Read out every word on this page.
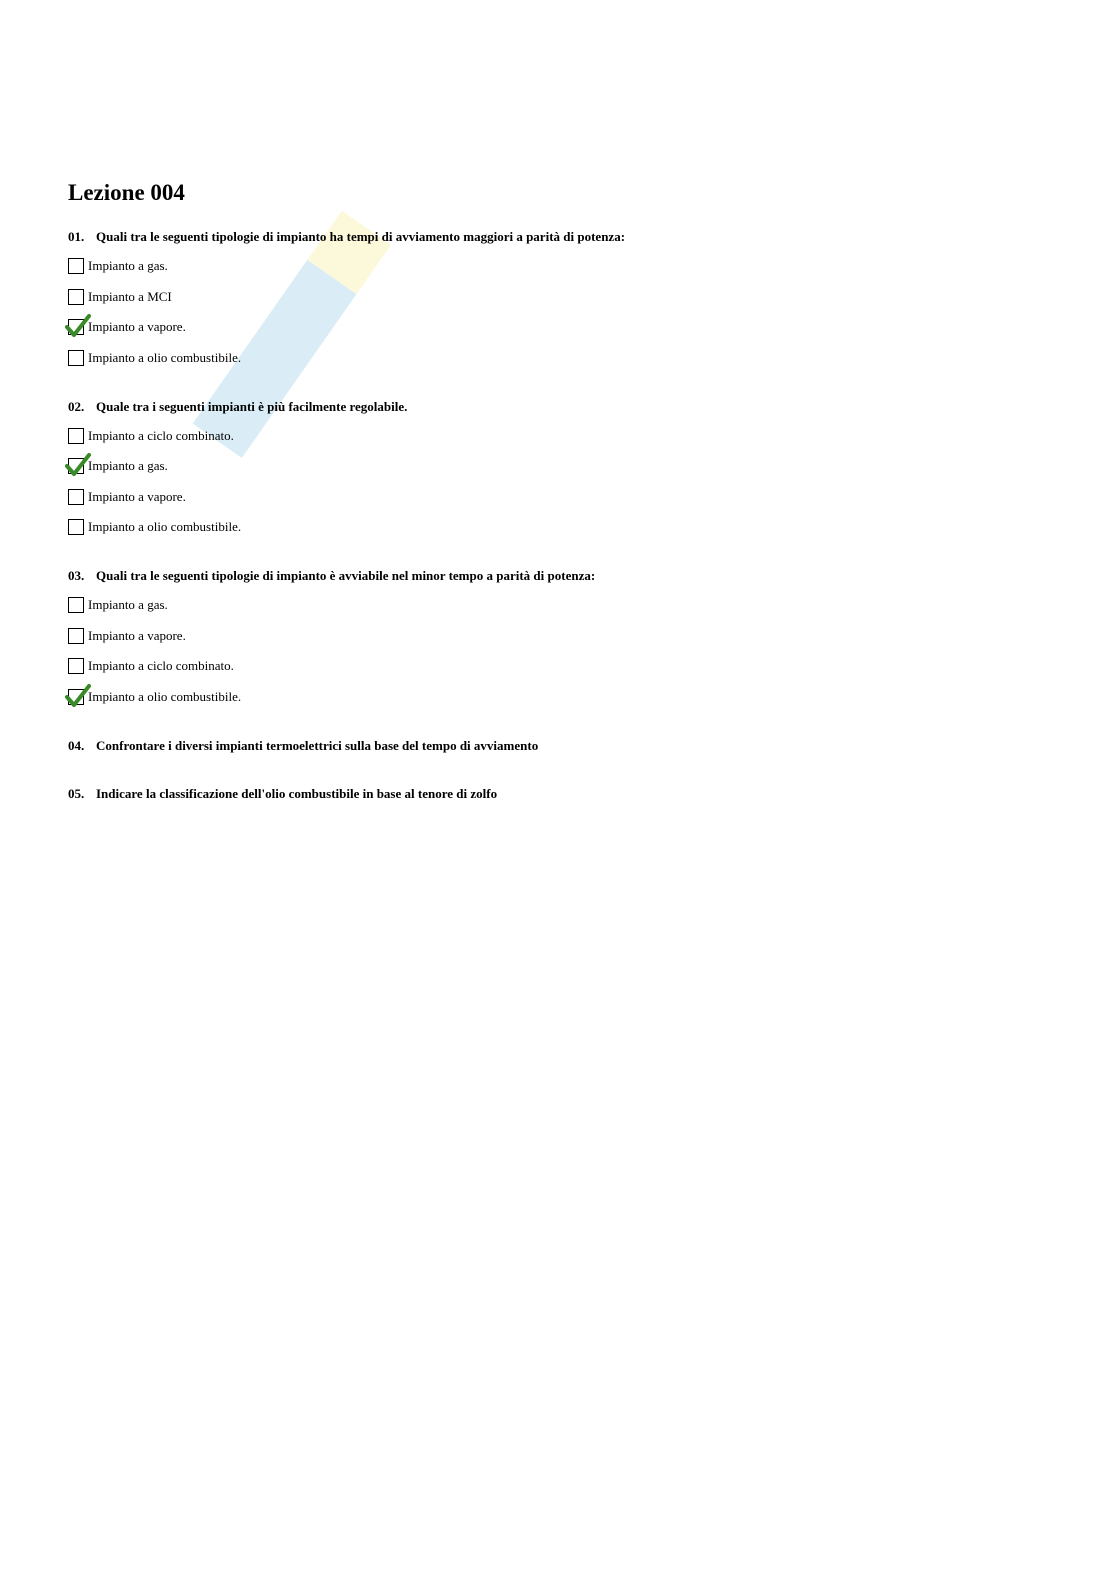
Lezione 004
01. Quali tra le seguenti tipologie di impianto ha tempi di avviamento maggiori a parità di potenza:
Impianto a gas.
Impianto a MCI
Impianto a vapore.
Impianto a olio combustibile.
02. Quale tra i seguenti impianti è più facilmente regolabile.
Impianto a ciclo combinato.
Impianto a gas.
Impianto a vapore.
Impianto a olio combustibile.
03. Quali tra le seguenti tipologie di impianto è avviabile nel minor tempo a parità di potenza:
Impianto a gas.
Impianto a vapore.
Impianto a ciclo combinato.
Impianto a olio combustibile.
04. Confrontare i diversi impianti termoelettrici sulla base del tempo di avviamento
05. Indicare la classificazione dell'olio combustibile in base al tenore di zolfo
